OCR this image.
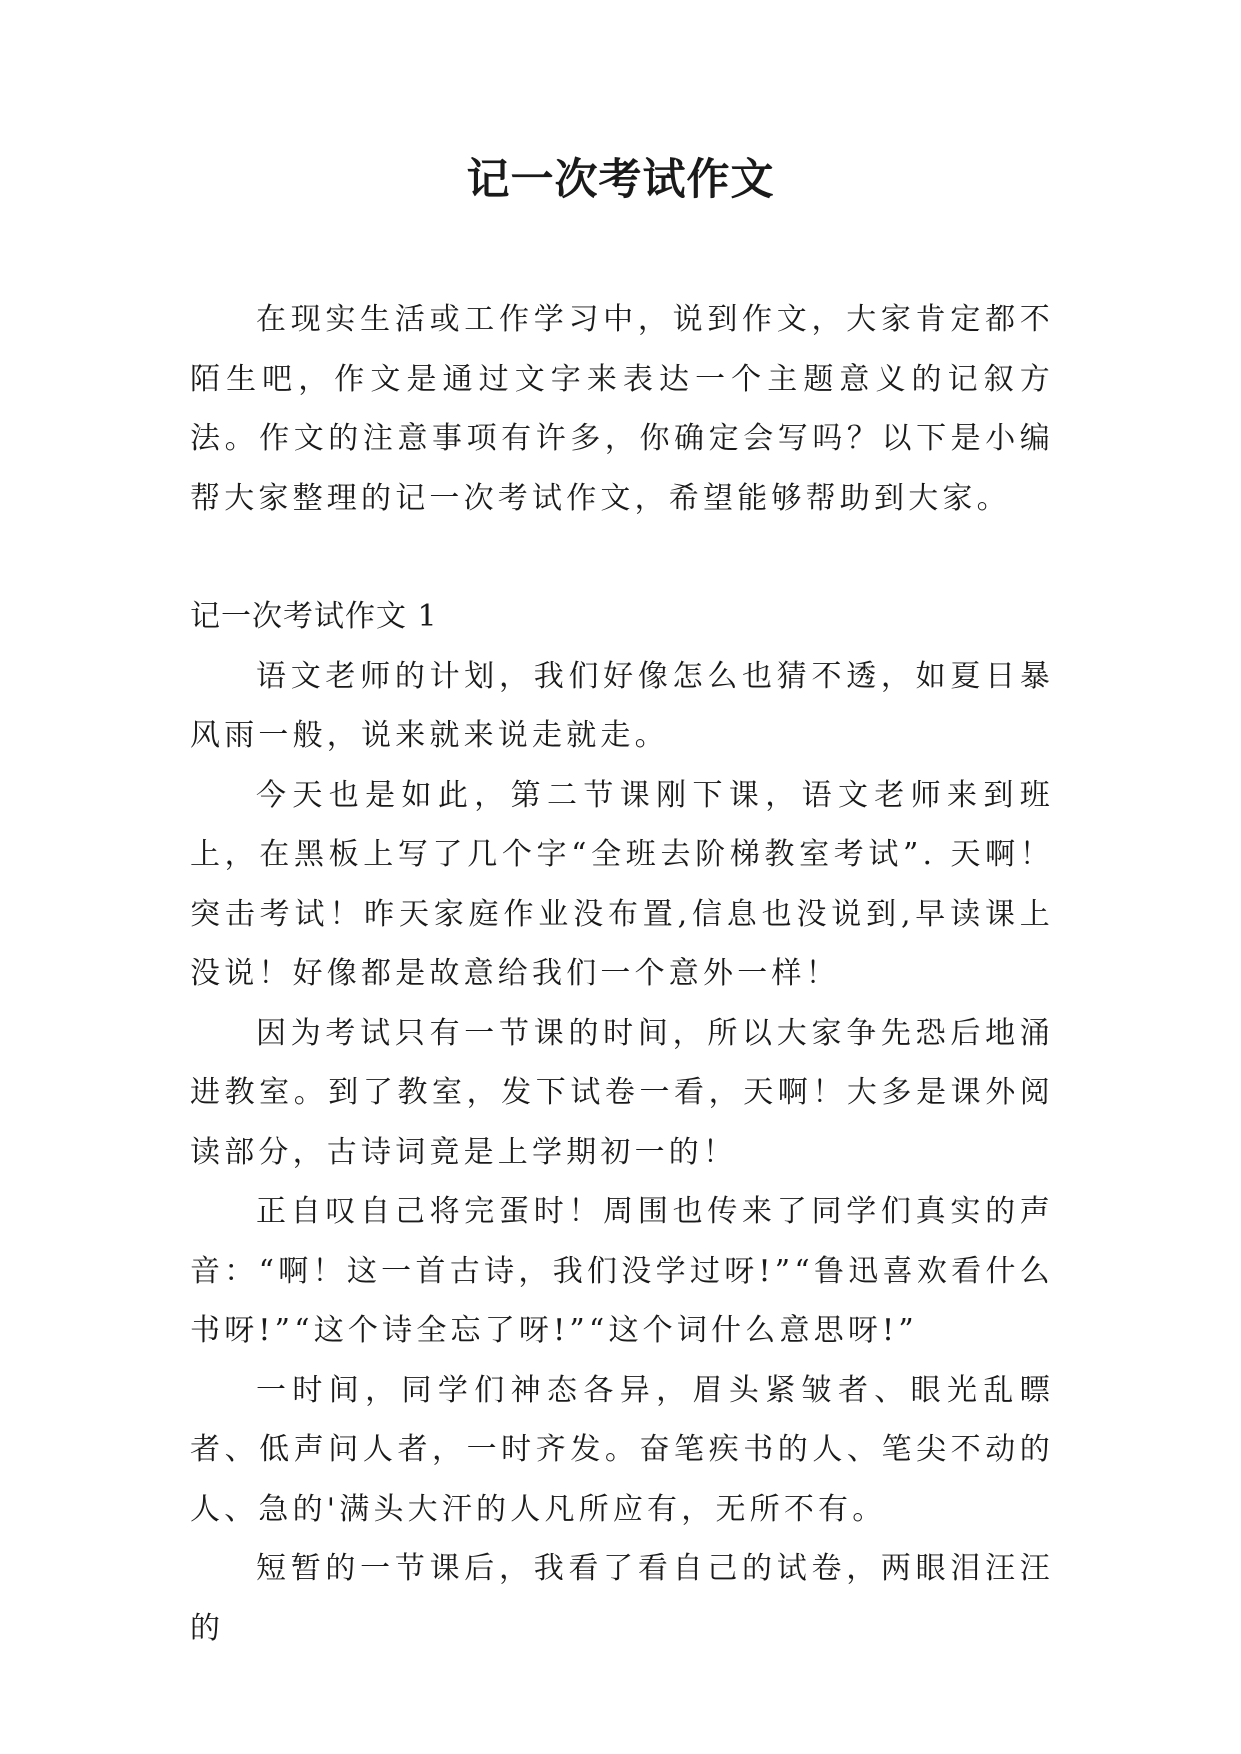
记一次考试作文

在现实生活或工作学习中，说到作文，大家肯定都不陌生吧，作文是通过文字来表达一个主题意义的记叙方法。作文的注意事项有许多，你确定会写吗？以下是小编帮大家整理的记一次考试作文，希望能够帮助到大家。

记一次考试作文 1

语文老师的计划，我们好像怎么也猜不透，如夏日暴风雨一般，说来就来说走就走。

今天也是如此，第二节课刚下课，语文老师来到班上，在黑板上写了几个字“全班去阶梯教室考试”. 天啊！突击考试！昨天家庭作业没布置,信息也没说到,早读课上没说！好像都是故意给我们一个意外一样！

因为考试只有一节课的时间，所以大家争先恐后地涌进教室。到了教室，发下试卷一看，天啊！大多是课外阅读部分，古诗词竟是上学期初一的！

正自叹自己将完蛋时！周围也传来了同学们真实的声音：“啊！这一首古诗，我们没学过呀!”“鲁迅喜欢看什么书呀!”“这个诗全忘了呀!”“这个词什么意思呀!”

一时间，同学们神态各异，眉头紧皱者、眼光乱瞟者、低声问人者，一时齐发。奋笔疾书的人、笔尖不动的人、急的'满头大汗的人凡所应有，无所不有。

短暂的一节课后，我看了看自己的试卷，两眼泪汪汪的
